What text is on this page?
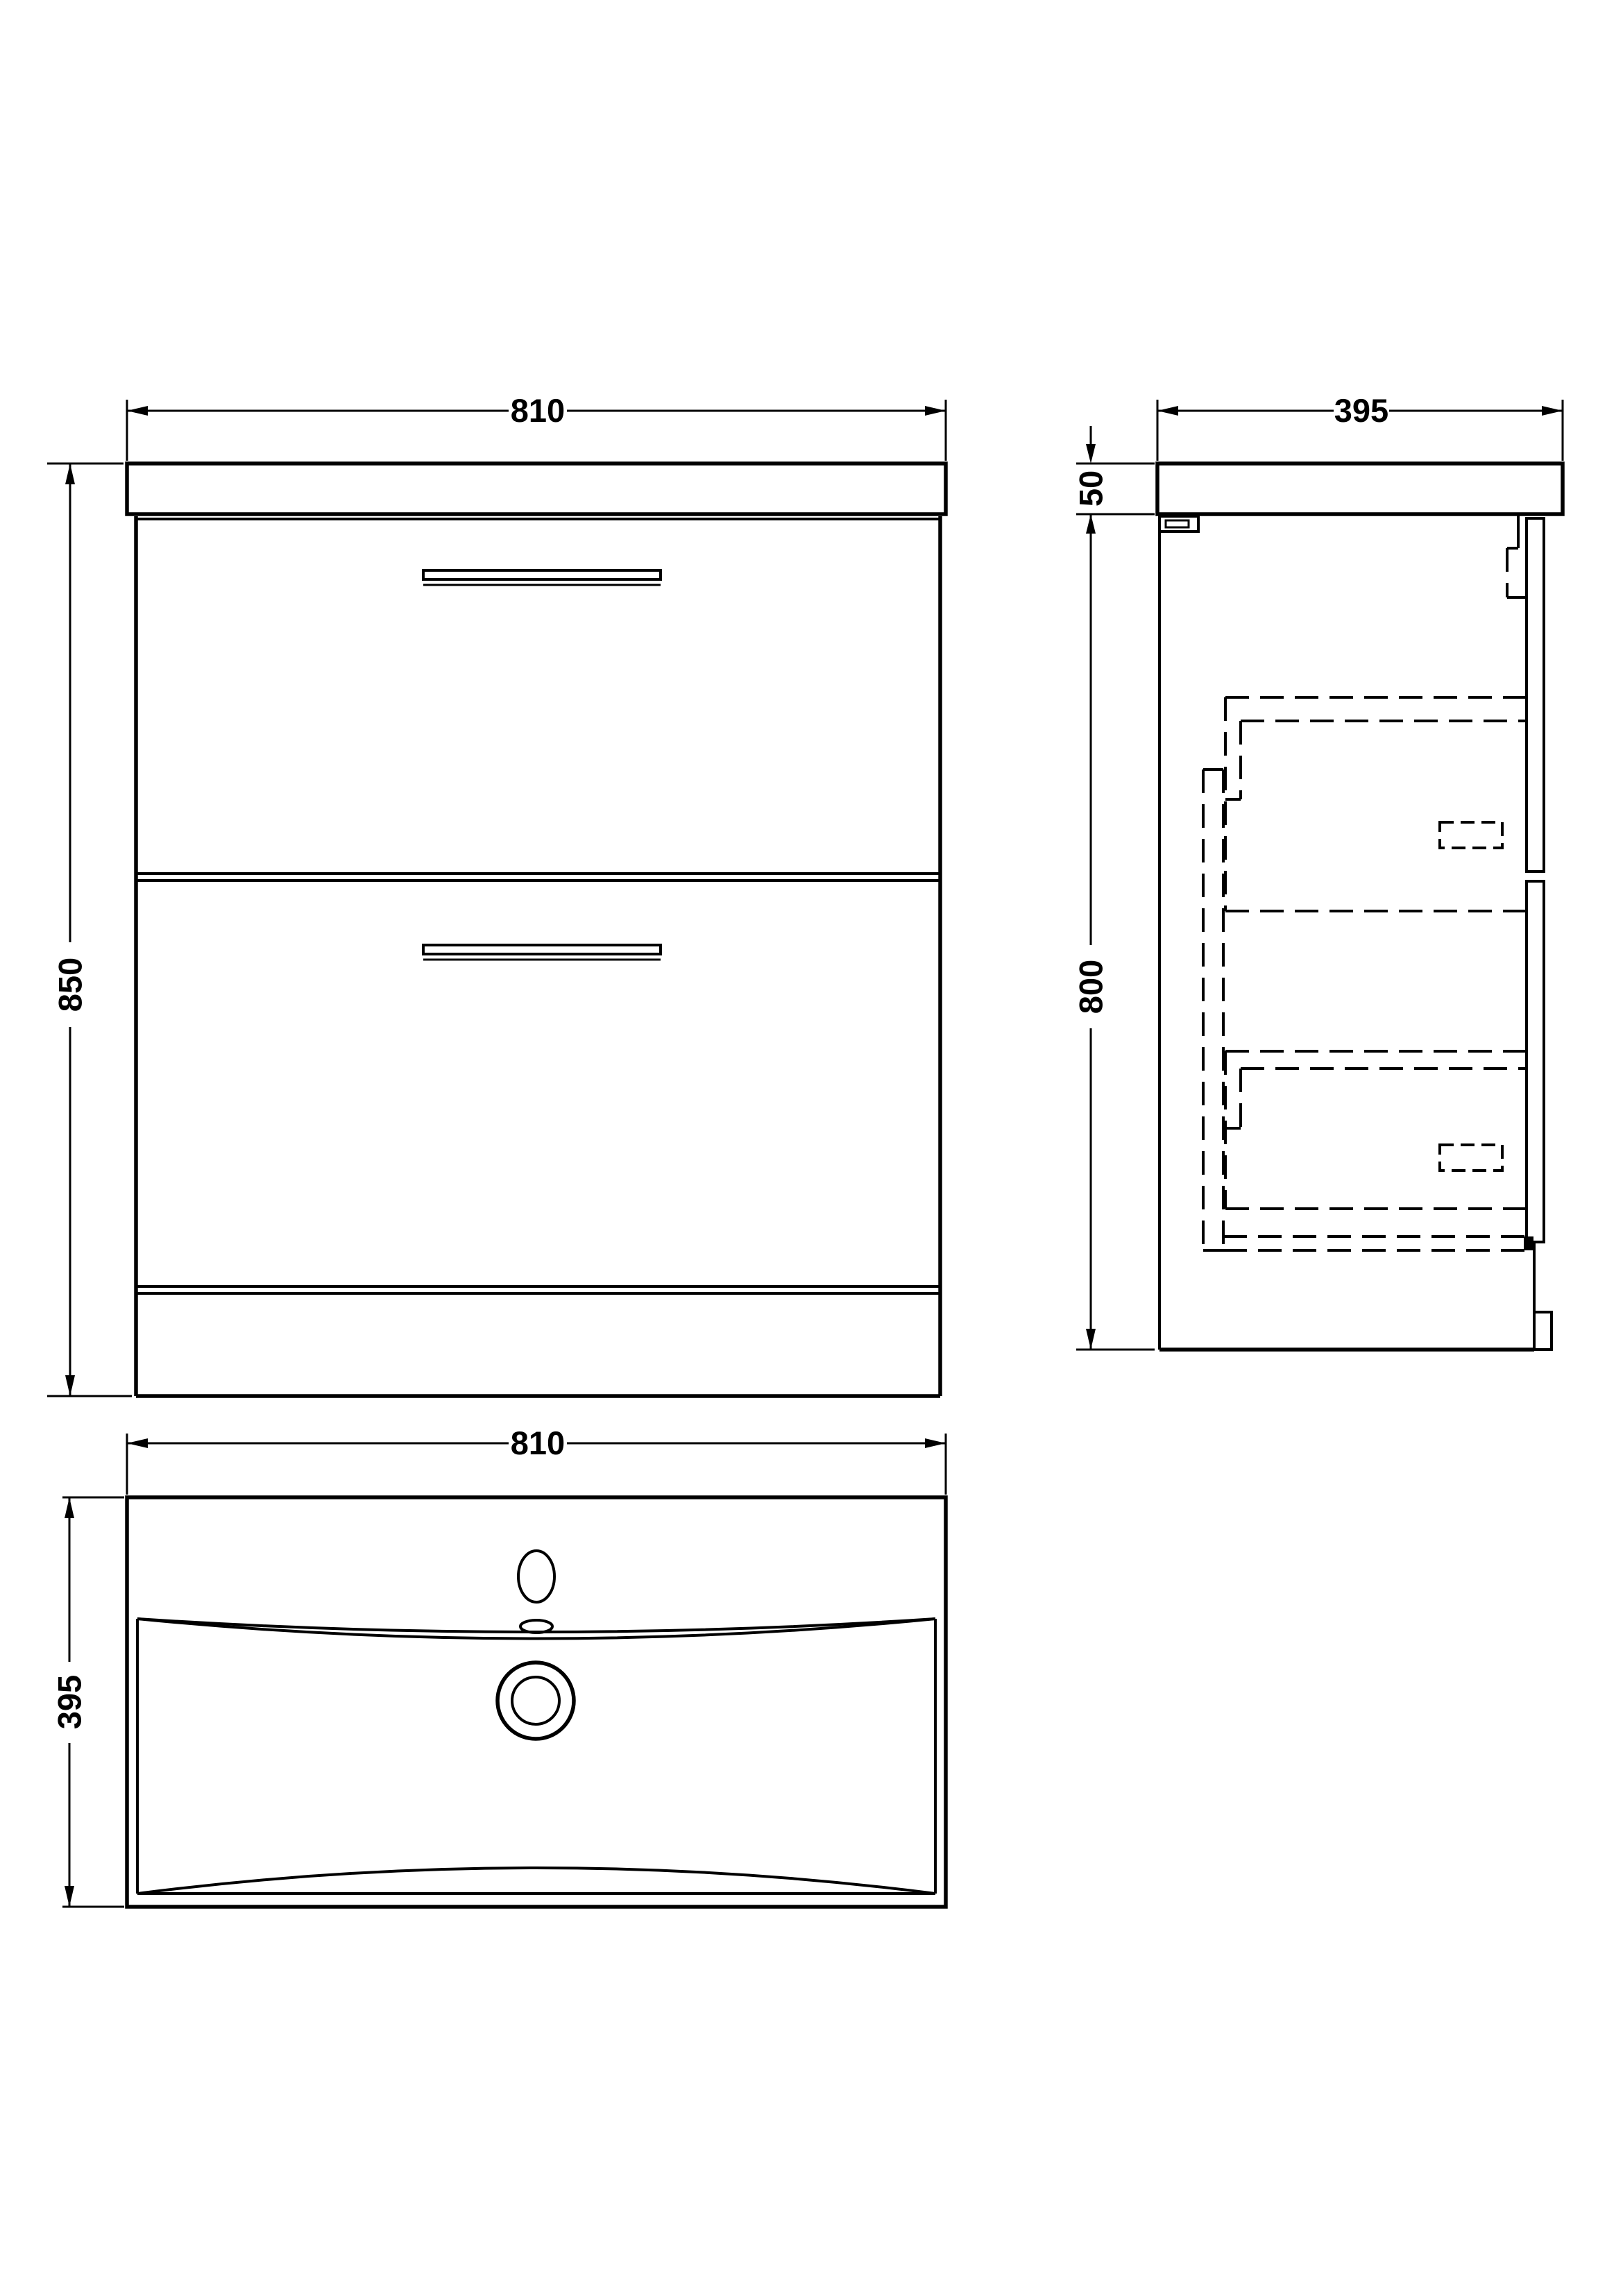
810
850
395
50
800
810
395
